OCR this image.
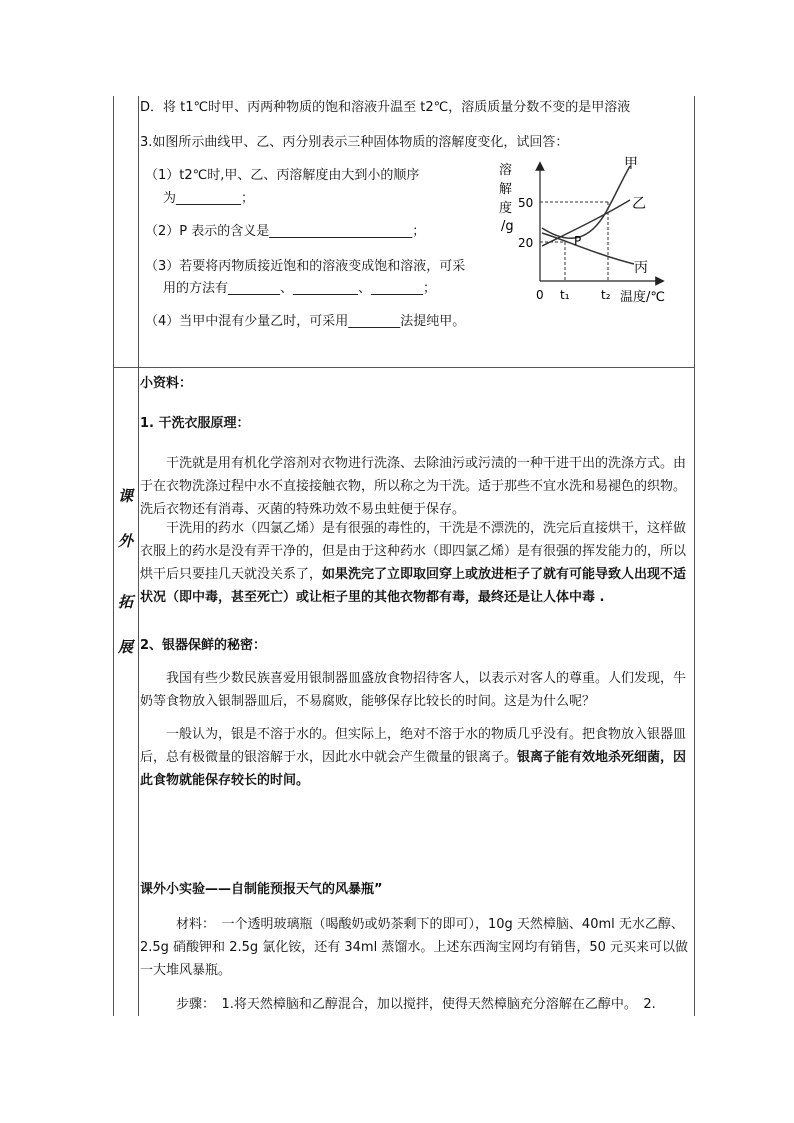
D．将 t1℃时甲、丙两种物质的饱和溶液升温至 t2℃，溶质质量分数不变的是甲溶液
3.如图所示曲线甲、乙、丙分别表示三种固体物质的溶解度变化，试回答：
（1）t2℃时,甲、乙、丙溶解度由大到小的顺序
为__________；
（2）P 表示的含义是______________________；
（3）若要将丙物质接近饱和的溶液变成饱和溶液，可采
用的方法有________、__________、________；
（4）当甲中混有少量乙时，可采用________法提纯甲。
溶
解
度
/g
50
20
0 t₁	t₂ 温度/℃
P
甲
乙
丙
课
外
拓
展
小资料：
1. 干洗衣服原理：
干洗就是用有机化学溶剂对衣物进行洗涤、去除油污或污渍的一种干进干出的洗涤方式。由于在衣物洗涤过程中水不直接接触衣物，所以称之为干洗。适于那些不宜水洗和易褪色的织物。洗后衣物还有消毒、灭菌的特殊功效不易虫蛀便于保存。
干洗用的药水（四氯乙烯）是有很强的毒性的，干洗是不漂洗的，洗完后直接烘干，这样做衣服上的药水是没有弄干净的，但是由于这种药水（即四氯乙烯）是有很强的挥发能力的，所以烘干后只要挂几天就没关系了，如果洗完了立即取回穿上或放进柜子了就有可能导致人出现不适状况（即中毒，甚至死亡）或让柜子里的其他衣物都有毒，最终还是让人体中毒 .
2、银器保鲜的秘密：
我国有些少数民族喜爱用银制器皿盛放食物招待客人，以表示对客人的尊重。人们发现，牛奶等食物放入银制器皿后，不易腐败，能够保存比较长的时间。这是为什么呢？
一般认为，银是不溶于水的。但实际上，绝对不溶于水的物质几乎没有。把食物放入银器皿后，总有极微量的银溶解于水，因此水中就会产生微量的银离子。银离子能有效地杀死细菌，因此食物就能保存较长的时间。
课外小实验——自制能预报天气的风暴瓶”
材料：　一个透明玻璃瓶（喝酸奶或奶茶剩下的即可），10g 天然樟脑、40ml 无水乙醇、2.5g 硝酸钾和 2.5g 氯化铵，还有 34ml 蒸馏水。上述东西淘宝网均有销售，50 元买来可以做一大堆风暴瓶。
步骤：　1.将天然樟脑和乙醇混合，加以搅拌，使得天然樟脑充分溶解在乙醇中。　2.
